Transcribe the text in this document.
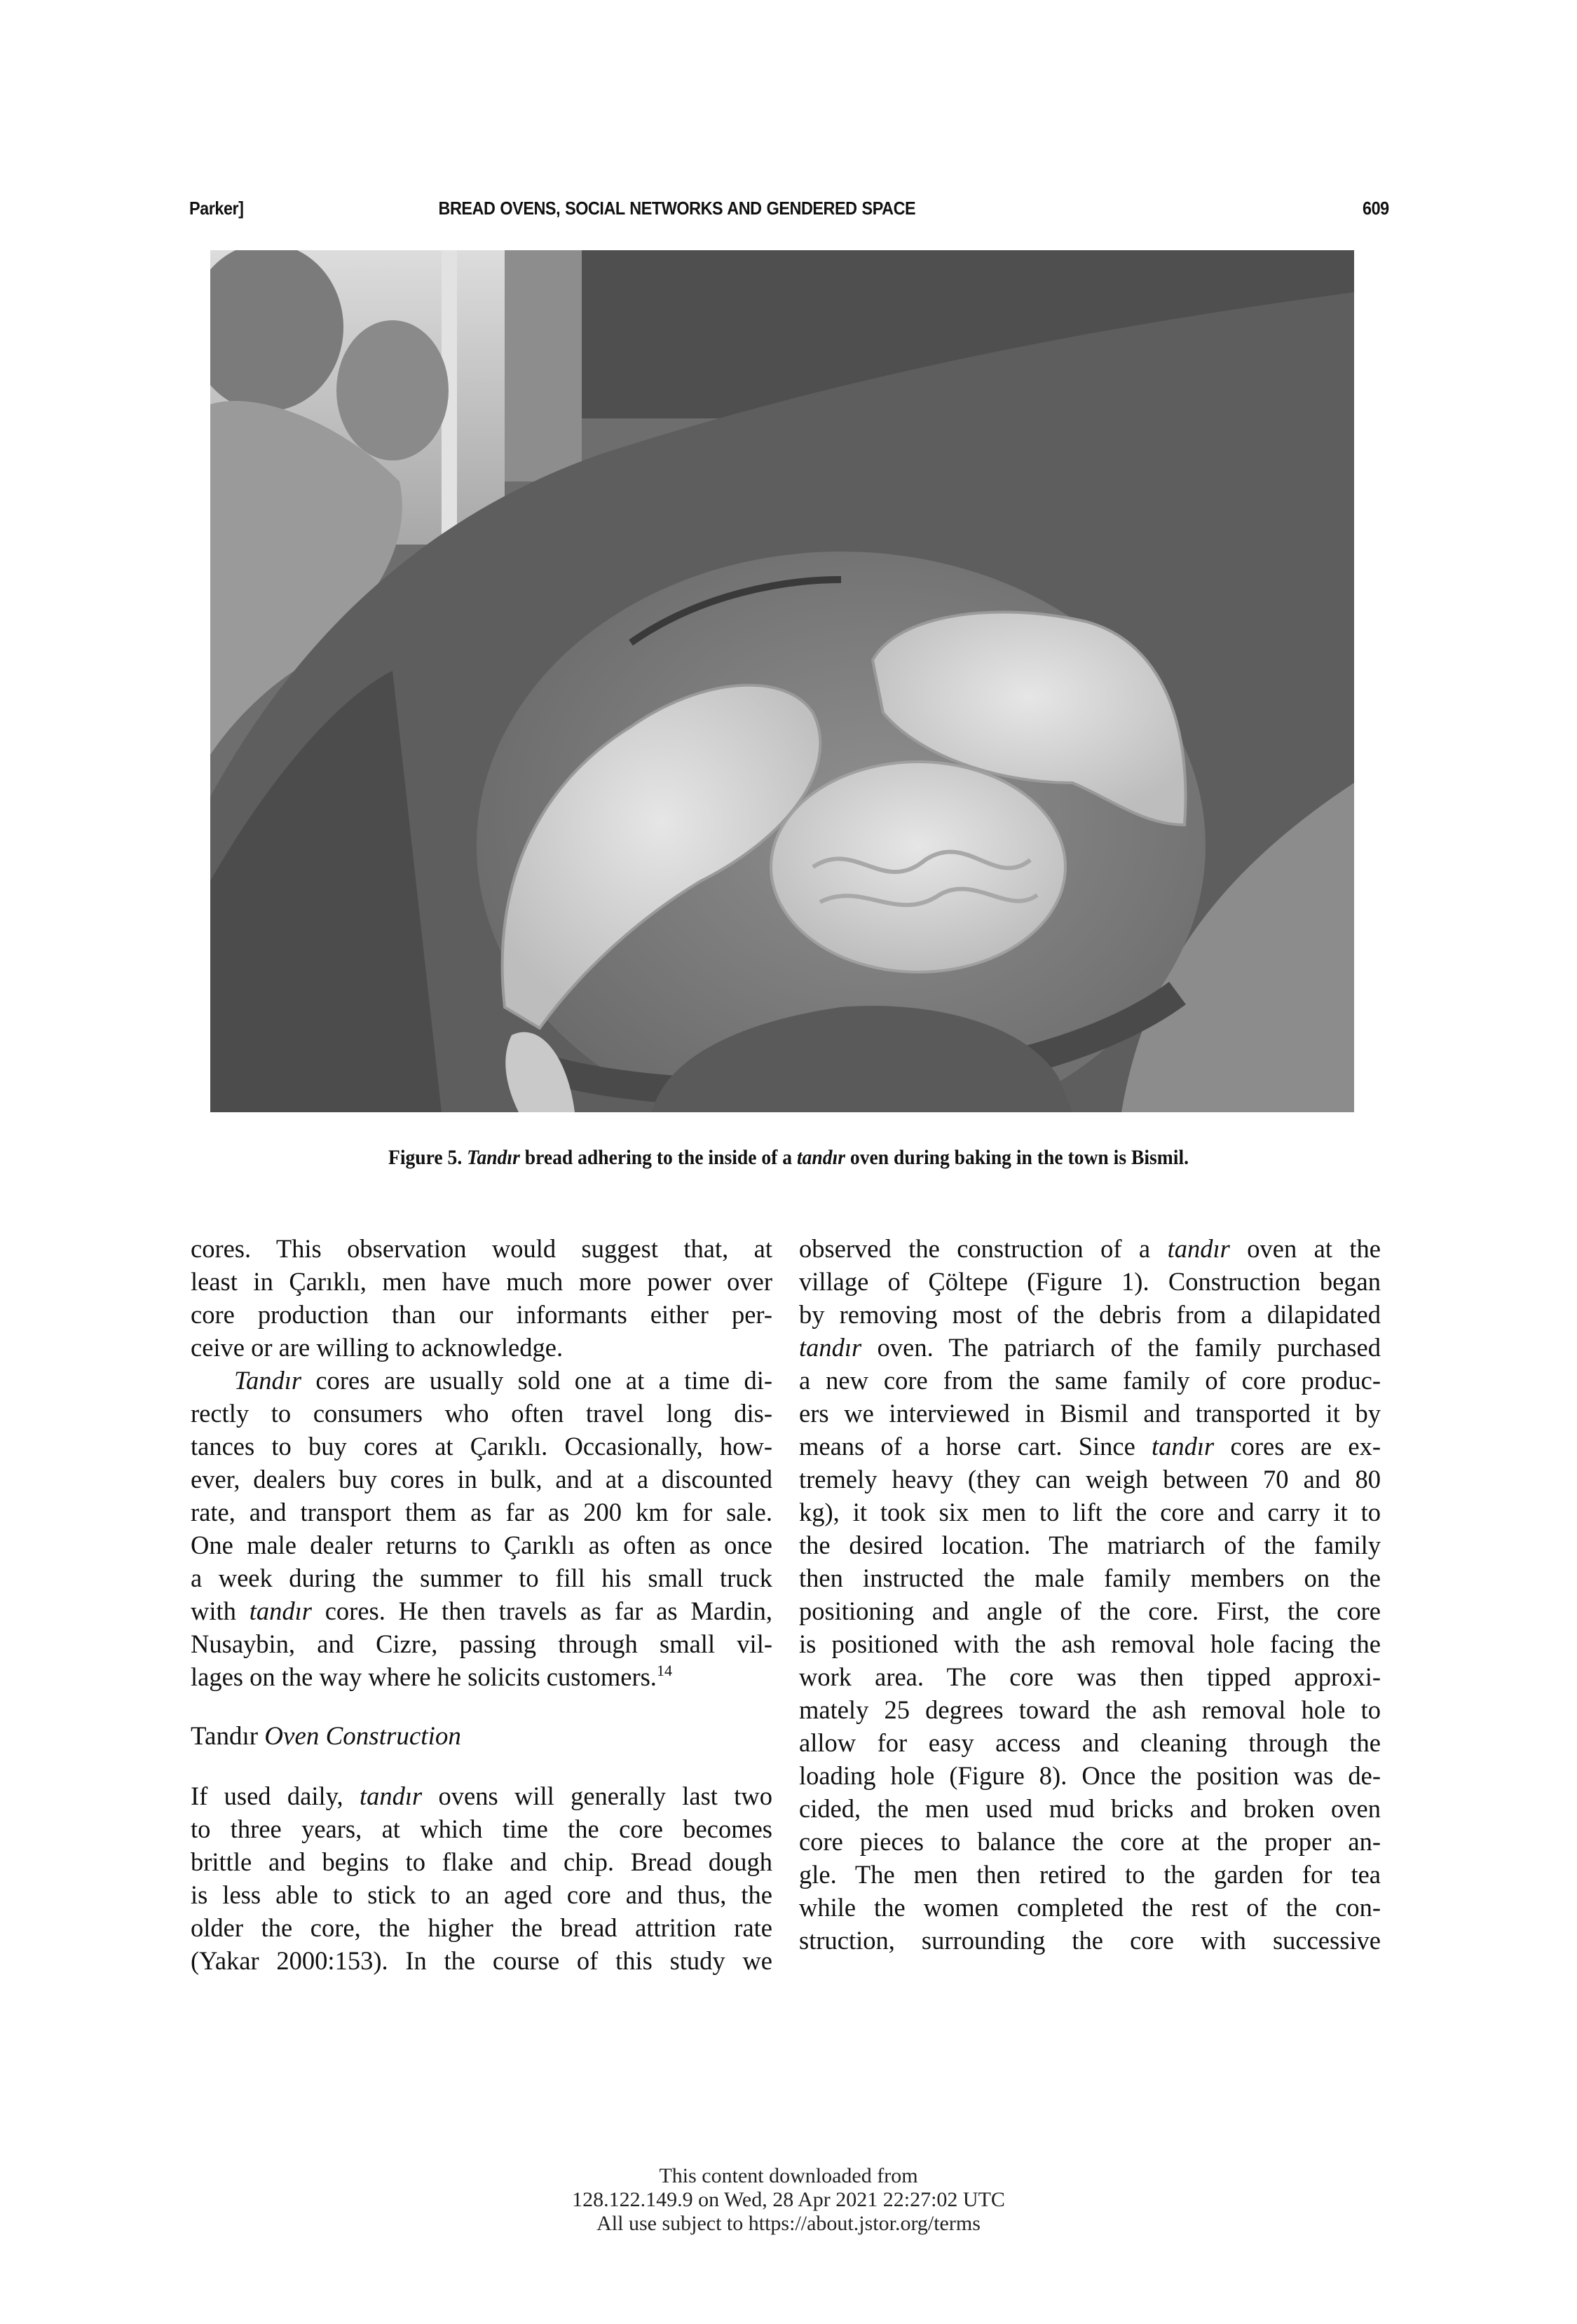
Parker]	BREAD OVENS, SOCIAL NETWORKS AND GENDERED SPACE	609
Figure 5. Tandır bread adhering to the inside of a tandır oven during baking in the town is Bismil.

cores. This observation would suggest that, at
least in Çarıklı, men have much more power over
core production than our informants either per-
ceive or are willing to acknowledge.

Tandır cores are usually sold one at a time di-
rectly to consumers who often travel long dis-
tances to buy cores at Çarıklı. Occasionally, how-
ever, dealers buy cores in bulk, and at a discounted
rate, and transport them as far as 200 km for sale.
One male dealer returns to Çarıklı as often as once
a week during the summer to fill his small truck
with tandır cores. He then travels as far as Mardin,
Nusaybin, and Cizre, passing through small vil-
lages on the way where he solicits customers.$^{14}$

Tandır Oven Construction

If used daily, tandır ovens will generally last two
to three years, at which time the core becomes
brittle and begins to flake and chip. Bread dough
is less able to stick to an aged core and thus, the
older the core, the higher the bread attrition rate
(Yakar 2000:153). In the course of this study we

observed the construction of a tandır oven at the
village of Çöltepe (Figure 1). Construction began
by removing most of the debris from a dilapidated
tandır oven. The patriarch of the family purchased
a new core from the same family of core produc-
ers we interviewed in Bismil and transported it by
means of a horse cart. Since tandır cores are ex-
tremely heavy (they can weigh between 70 and 80
kg), it took six men to lift the core and carry it to
the desired location. The matriarch of the family
then instructed the male family members on the
positioning and angle of the core. First, the core
is positioned with the ash removal hole facing the
work area. The core was then tipped approxi-
mately 25 degrees toward the ash removal hole to
allow for easy access and cleaning through the
loading hole (Figure 8). Once the position was de-
cided, the men used mud bricks and broken oven
core pieces to balance the core at the proper an-
gle. The men then retired to the garden for tea
while the women completed the rest of the con-
struction, surrounding the core with successive

This content downloaded from
128.122.149.9 on Wed, 28 Apr 2021 22:27:02 UTC
All use subject to https://about.jstor.org/terms
